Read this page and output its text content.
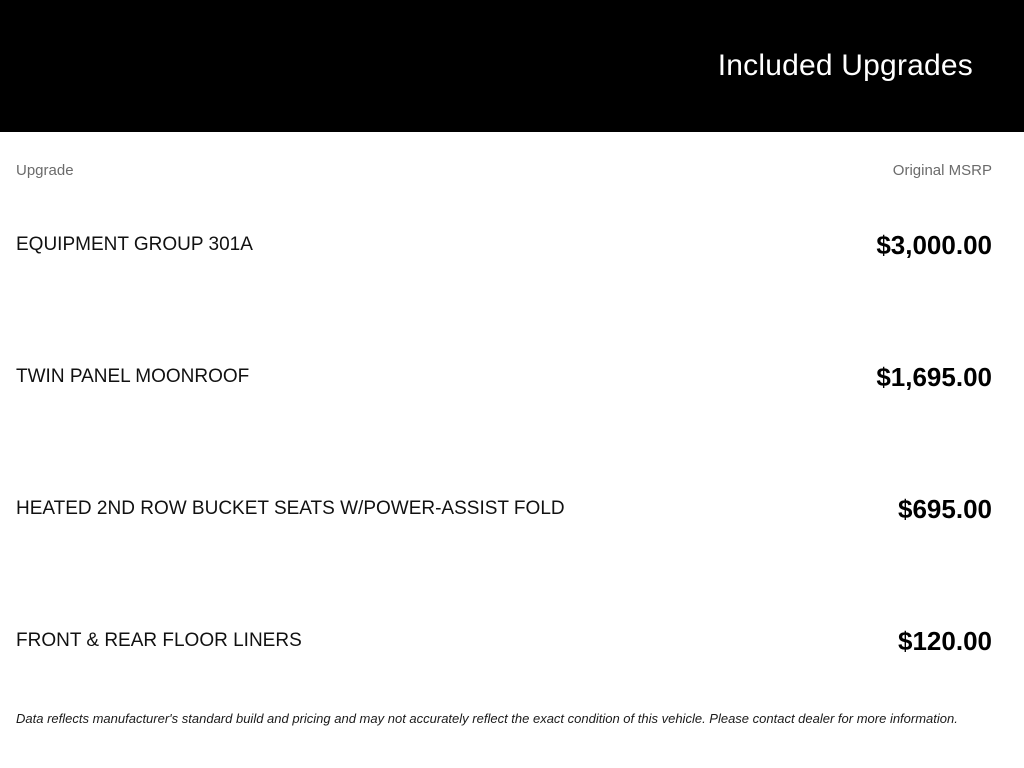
Included Upgrades
Upgrade	Original MSRP
EQUIPMENT GROUP 301A	$3,000.00
TWIN PANEL MOONROOF	$1,695.00
HEATED 2ND ROW BUCKET SEATS W/POWER-ASSIST FOLD	$695.00
FRONT & REAR FLOOR LINERS	$120.00
Data reflects manufacturer's standard build and pricing and may not accurately reflect the exact condition of this vehicle. Please contact dealer for more information.
